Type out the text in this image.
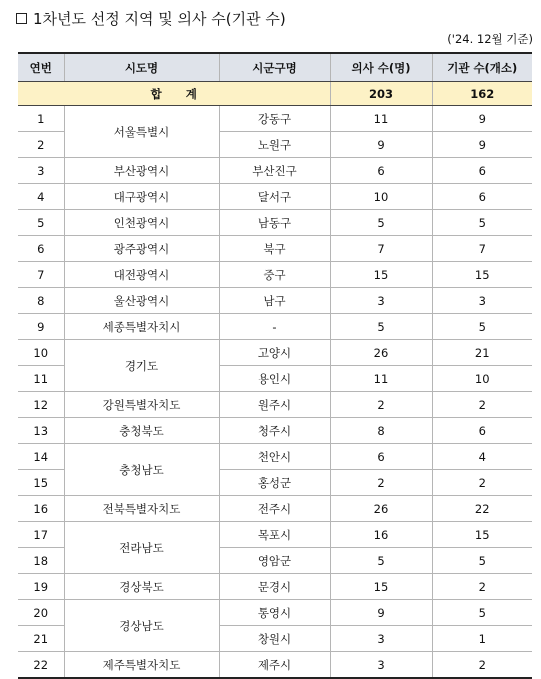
1차년도 선정 지역 및 의사 수(기관 수)
('24. 12월 기준)
연번	시도명	시군구명	의사 수(명)	기관 수(개소)
합      계			203	162
1	서울특별시	강동구	11	9
2		노원구	9	9
3	부산광역시	부산진구	6	6
4	대구광역시	달서구	10	6
5	인천광역시	남동구	5	5
6	광주광역시	북구	7	7
7	대전광역시	중구	15	15
8	울산광역시	남구	3	3
9	세종특별자치시	-	5	5
10	경기도	고양시	26	21
11		용인시	11	10
12	강원특별자치도	원주시	2	2
13	충청북도	청주시	8	6
14	충청남도	천안시	6	4
15		홍성군	2	2
16	전북특별자치도	전주시	26	22
17	전라남도	목포시	16	15
18		영암군	5	5
19	경상북도	문경시	15	2
20	경상남도	통영시	9	5
21		창원시	3	1
22	제주특별자치도	제주시	3	2
